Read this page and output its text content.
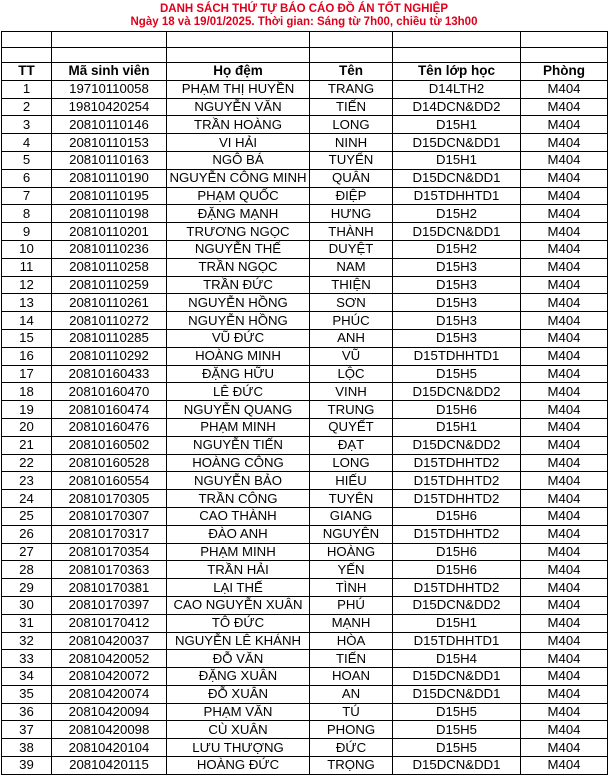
DANH SÁCH THỨ TỰ BÁO CÁO ĐỒ ÁN TỐT NGHIỆP
Ngày 18 và 19/01/2025. Thời gian: Sáng từ 7h00, chiều từ 13h00

TT	Mã sinh viên	Họ đệm	Tên	Tên lớp học	Phòng
1	19710110058	PHẠM THỊ HUYỀN	TRANG	D14LTH2	M404
2	19810420254	NGUYỄN VĂN	TIẾN	D14DCN&DD2	M404
3	20810110146	TRẦN HOÀNG	LONG	D15H1	M404
4	20810110153	VI HẢI	NINH	D15DCN&DD1	M404
5	20810110163	NGÔ BÁ	TUYỂN	D15H1	M404
6	20810110190	NGUYỄN CÔNG MINH	QUÂN	D15DCN&DD1	M404
7	20810110195	PHẠM QUỐC	ĐIỆP	D15TDHHTD1	M404
8	20810110198	ĐẶNG MẠNH	HƯNG	D15H2	M404
9	20810110201	TRƯƠNG NGỌC	THÀNH	D15DCN&DD1	M404
10	20810110236	NGUYỄN THẾ	DUYỆT	D15H2	M404
11	20810110258	TRẦN NGỌC	NAM	D15H3	M404
12	20810110259	TRẦN ĐỨC	THIỆN	D15H3	M404
13	20810110261	NGUYỄN HỒNG	SƠN	D15H3	M404
14	20810110272	NGUYỄN HỒNG	PHÚC	D15H3	M404
15	20810110285	VŨ ĐỨC	ANH	D15H3	M404
16	20810110292	HOÀNG MINH	VŨ	D15TDHHTD1	M404
17	20810160433	ĐẶNG HỮU	LỘC	D15H5	M404
18	20810160470	LÊ ĐỨC	VINH	D15DCN&DD2	M404
19	20810160474	NGUYỄN QUANG	TRUNG	D15H6	M404
20	20810160476	PHẠM MINH	QUYẾT	D15H1	M404
21	20810160502	NGUYỄN TIẾN	ĐẠT	D15DCN&DD2	M404
22	20810160528	HOÀNG CÔNG	LONG	D15TDHHTD2	M404
23	20810160554	NGUYỄN BẢO	HIẾU	D15TDHHTD2	M404
24	20810170305	TRẦN CÔNG	TUYÊN	D15TDHHTD2	M404
25	20810170307	CAO THÀNH	GIANG	D15H6	M404
26	20810170317	ĐÀO ANH	NGUYÊN	D15TDHHTD2	M404
27	20810170354	PHẠM MINH	HOÀNG	D15H6	M404
28	20810170363	TRẦN HẢI	YẾN	D15H6	M404
29	20810170381	LẠI THẾ	TÌNH	D15TDHHTD2	M404
30	20810170397	CAO NGUYỄN XUÂN	PHÚ	D15DCN&DD2	M404
31	20810170412	TÔ ĐỨC	MẠNH	D15H1	M404
32	20810420037	NGUYỄN LÊ KHÁNH	HÒA	D15TDHHTD1	M404
33	20810420052	ĐỖ VĂN	TIẾN	D15H4	M404
34	20810420072	ĐẶNG XUÂN	HOAN	D15DCN&DD1	M404
35	20810420074	ĐỖ XUÂN	AN	D15DCN&DD1	M404
36	20810420094	PHẠM VĂN	TÚ	D15H5	M404
37	20810420098	CÙ XUÂN	PHONG	D15H5	M404
38	20810420104	LƯU THƯỢNG	ĐỨC	D15H5	M404
39	20810420115	HOÀNG ĐỨC	TRỌNG	D15DCN&DD1	M404
